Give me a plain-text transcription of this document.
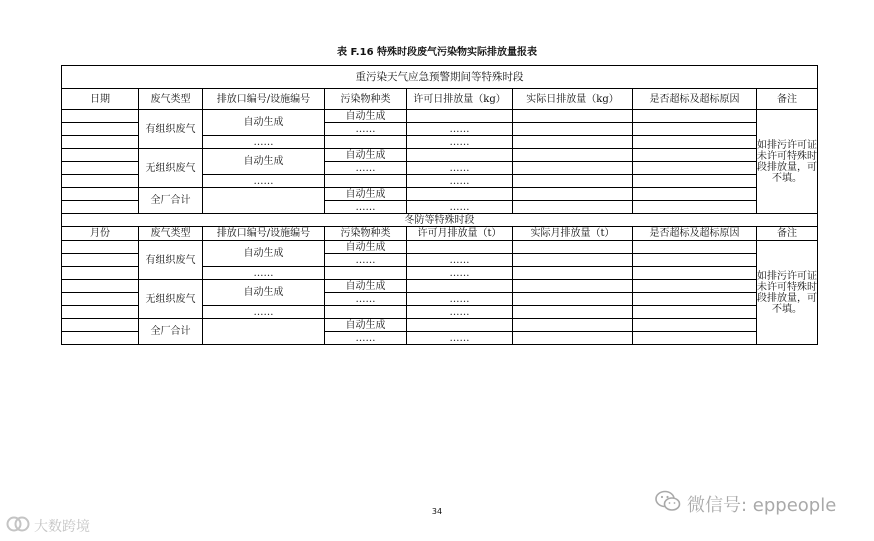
表 F.16 特殊时段废气污染物实际排放量报表
重污染天气应急预警期间等特殊时段							
日期	废气类型	排放口编号/设施编号	污染物种类	许可日排放量（kg）	实际日排放量（kg）	是否超标及超标原因	备注
	有组织废气	自动生成	自动生成				如排污许可证未许可特殊时段排放量，可不填。
			……	……			
		……		……			
	无组织废气	自动生成	自动生成				
			……	……			
		……		……			
	全厂合计		自动生成				
			……	……			
冬防等特殊时段							
月份	废气类型	排放口编号/设施编号	污染物种类	许可月排放量（t）	实际月排放量（t）	是否超标及超标原因	备注
	有组织废气	自动生成	自动生成				如排污许可证未许可特殊时段排放量，可不填。
			……	……			
		……		……			
	无组织废气	自动生成	自动生成				
			……	……			
		……		……			
	全厂合计		自动生成				
			……	……			
34	微信号: eppeople
大数跨境
